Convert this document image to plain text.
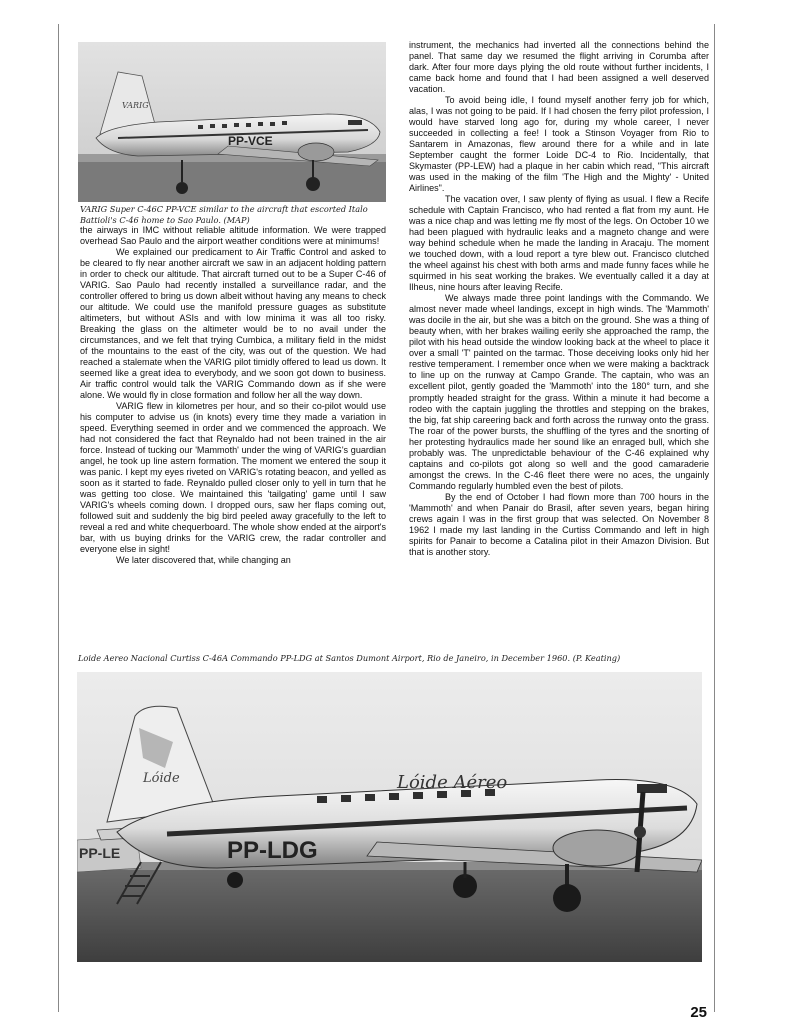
VARIG
PP-VCE
VARIG Super C-46C PP-VCE similar to the aircraft that escorted Italo Battioli's C-46 home to Sao Paulo. (MAP)

the airways in IMC without reliable altitude information. We were trapped overhead Sao Paulo and the airport weather conditions were at minimums!

We explained our predicament to Air Traffic Control and asked to be cleared to fly near another aircraft we saw in an adjacent holding pattern in order to check our altitude. That aircraft turned out to be a Super C-46 of VARIG. Sao Paulo had recently installed a surveillance radar, and the controller offered to bring us down albeit without having any means to check our altitude. We could use the manifold pressure guages as substitute altimeters, but without ASIs and with low minima it was all too risky. Breaking the glass on the altimeter would be to no avail under the circumstances, and we felt that trying Cumbica, a military field in the midst of the mountains to the east of the city, was out of the question. We had reached a stalemate when the VARIG pilot timidly offered to lead us down. It seemed like a great idea to everybody, and we soon got down to business. Air traffic control would talk the VARIG Commando down as if she were alone. We would fly in close formation and follow her all the way down.

VARIG flew in kilometres per hour, and so their co-pilot would use his computer to advise us (in knots) every time they made a variation in speed. Everything seemed in order and we commenced the approach. We had not considered the fact that Reynaldo had not been trained in the air force. Instead of tucking our 'Mammoth' under the wing of VARIG's guardian angel, he took up line astern formation. The moment we entered the soup it was panic. I kept my eyes riveted on VARIG's rotating beacon, and yelled as soon as it started to fade. Reynaldo pulled closer only to yell in turn that he was getting too close. We maintained this 'tailgating' game until I saw VARIG's wheels coming down. I dropped ours, saw her flaps coming out, followed suit and suddenly the big bird peeled away gracefully to the left to reveal a red and white chequerboard. The whole show ended at the airport's bar, with us buying drinks for the VARIG crew, the radar controller and everyone else in sight!

We later discovered that, while changing an

instrument, the mechanics had inverted all the connections behind the panel. That same day we resumed the flight arriving in Corumba after dark. After four more days plying the old route without further incidents, I came back home and found that I had been assigned a well deserved vacation.

To avoid being idle, I found myself another ferry job for which, alas, I was not going to be paid. If I had chosen the ferry pilot profession, I would have starved long ago for, during my whole career, I never succeeded in collecting a fee! I took a Stinson Voyager from Rio to Santarem in Amazonas, flew around there for a while and in late September caught the former Loide DC-4 to Rio. Incidentally, that Skymaster (PP-LEW) had a plaque in her cabin which read, "This aircraft was used in the making of the film 'The High and the Mighty' - United Airlines".

The vacation over, I saw plenty of flying as usual. I flew a Recife schedule with Captain Francisco, who had rented a flat from my aunt. He was a nice chap and was letting me fly most of the legs. On October 10 we had been plagued with hydraulic leaks and a magneto change and were way behind schedule when he made the landing in Aracaju. The moment we touched down, with a loud report a tyre blew out. Francisco clutched the wheel against his chest with both arms and made funny faces while he squirmed in his seat working the brakes. We eventually called it a day at Ilheus, nine hours after leaving Recife.

We always made three point landings with the Commando. We almost never made wheel landings, except in high winds. The 'Mammoth' was docile in the air, but she was a bitch on the ground. She was a thing of beauty when, with her brakes wailing eerily she approached the ramp, the pilot with his head outside the window looking back at the wheel to place it over a small 'T' painted on the tarmac. Those deceiving looks only hid her restive temperament. I remember once when we were making a backtrack to line up on the runway at Campo Grande. The captain, who was an excellent pilot, gently goaded the 'Mammoth' into the 180° turn, and she promptly headed straight for the grass. Within a minute it had become a rodeo with the captain juggling the throttles and stepping on the brakes, the big, fat ship careering back and forth across the runway onto the grass. The roar of the power bursts, the shuffling of the tyres and the snorting of her protesting hydraulics made her sound like an enraged bull, which she probably was. The unpredictable behaviour of the C-46 explained why captains and co-pilots got along so well and the good camaraderie amongst the crews. In the C-46 fleet there were no aces, the ungainly Commando regularly humbled even the best of pilots.

By the end of October I had flown more than 700 hours in the 'Mammoth' and when Panair do Brasil, after seven years, began hiring crews again I was in the first group that was selected. On November 8 1962 I made my last landing in the Curtiss Commando and left in high spirits for Panair to become a Catalina pilot in their Amazon Division. But that is another story.

Loide Aereo Nacional Curtiss C-46A Commando PP-LDG at Santos Dumont Airport, Rio de Janeiro, in December 1960. (P. Keating)
PP-LE
Lóide	Lóide Aéreo
PP-LDG
25
